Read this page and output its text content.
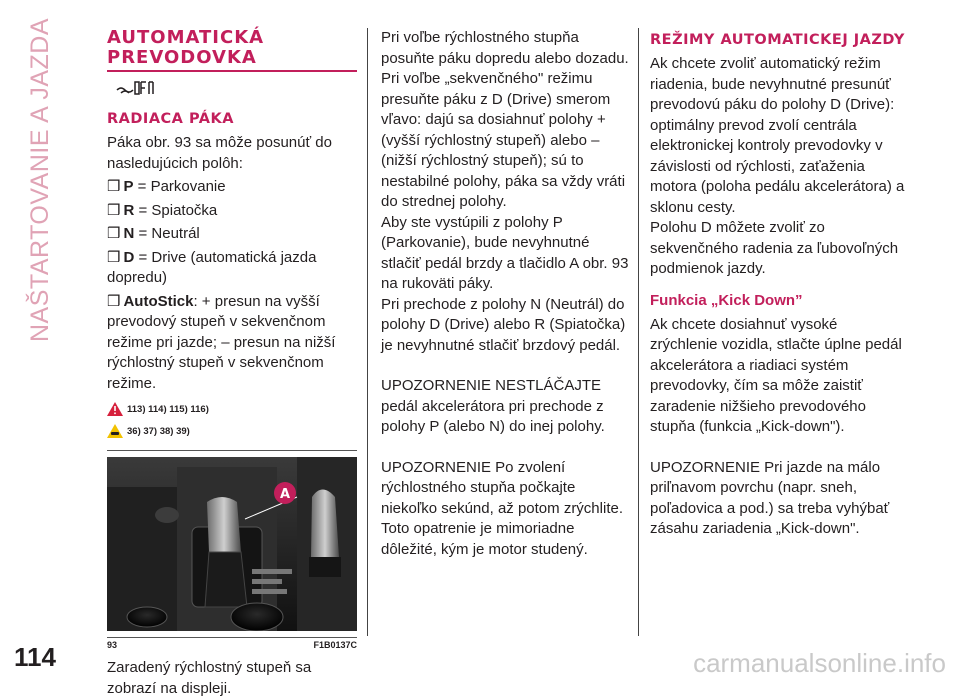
NAŠTARTOVANIE A JAZDA
114
AUTOMATICKÁ
PREVODOVKA
RADIACA PÁKA

Páka obr. 93 sa môže posunúť do nasledujúcich polôh:

❒ P = Parkovanie

❒ R = Spiatočka

❒ N = Neutrál

❒ D = Drive (automatická jazda dopredu)

❒ AutoStick: + presun na vyšší prevodový stupeň v sekvenčnom režime pri jazde; – presun na nižší rýchlostný stupeň v sekvenčnom režime.

113) 114) 115) 116)
36) 37) 38) 39)
A
93	F1B0137C

Zaradený rýchlostný stupeň sa zobrazí na displeji.

Pri voľbe rýchlostného stupňa posuňte páku dopredu alebo dozadu.

Pri voľbe „sekvenčného" režimu presuňte páku z D (Drive) smerom vľavo: dajú sa dosiahnuť polohy + (vyšší rýchlostný stupeň) alebo – (nižší rýchlostný stupeň); sú to nestabilné polohy, páka sa vždy vráti do strednej polohy.

Aby ste vystúpili z polohy P (Parkovanie), bude nevyhnutné stlačiť pedál brzdy a tlačidlo A obr. 93 na rukoväti páky.

Pri prechode z polohy N (Neutrál) do polohy D (Drive) alebo R (Spiatočka) je nevyhnutné stlačiť brzdový pedál.

UPOZORNENIE NESTLÁČAJTE pedál akcelerátora pri prechode z polohy P (alebo N) do inej polohy.

UPOZORNENIE Po zvolení rýchlostného stupňa počkajte niekoľko sekúnd, až potom zrýchlite. Toto opatrenie je mimoriadne dôležité, kým je motor studený.

REŽIMY AUTOMATICKEJ JAZDY

Ak chcete zvoliť automatický režim riadenia, bude nevyhnutné presunúť prevodovú páku do polohy D (Drive): optimálny prevod zvolí centrála elektronickej kontroly prevodovky v závislosti od rýchlosti, zaťaženia motora (poloha pedálu akcelerátora) a sklonu cesty.

Polohu D môžete zvoliť zo sekvenčného radenia za ľubovoľných podmienok jazdy.

Funkcia „Kick Down”

Ak chcete dosiahnuť vysoké zrýchlenie vozidla, stlačte úplne pedál akcelerátora a riadiaci systém prevodovky, čím sa môže zaistiť zaradenie nižšieho prevodového stupňa (funkcia „Kick-down").

UPOZORNENIE Pri jazde na málo priľnavom povrchu (napr. sneh, poľadovica a pod.) sa treba vyhýbať zásahu zariadenia „Kick-down".

carmanualsonline.info
